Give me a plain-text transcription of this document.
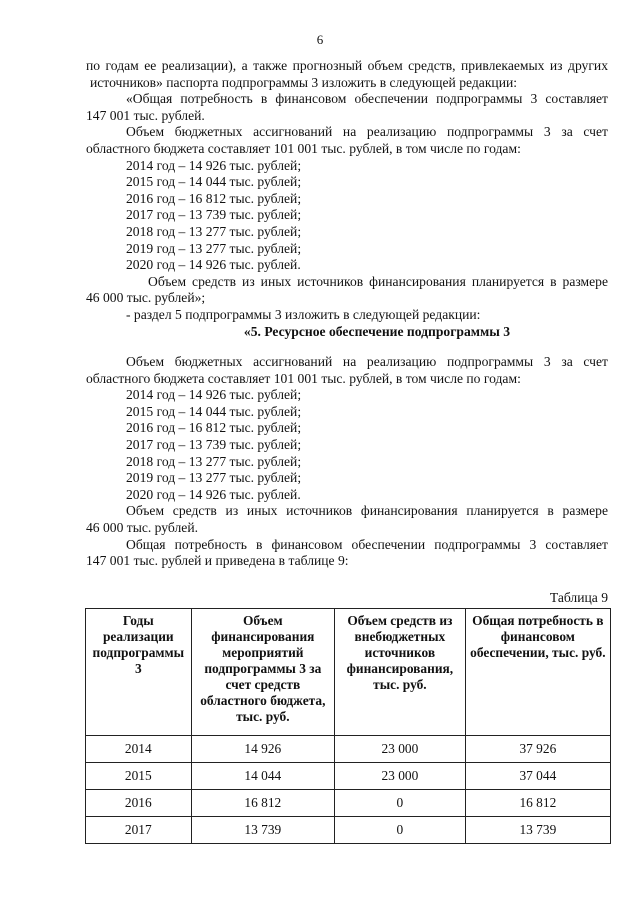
6

по годам ее реализации), а также прогнозный объем средств, привлекаемых из других

источников» паспорта подпрограммы 3 изложить в следующей редакции:

«Общая потребность в финансовом обеспечении подпрограммы 3 составляет

147 001 тыс. рублей.

Объем бюджетных ассигнований на реализацию подпрограммы 3 за счет

областного бюджета составляет 101 001 тыс. рублей, в том числе по годам:

2014 год – 14 926 тыс. рублей;
2015 год – 14 044 тыс. рублей;
2016 год – 16 812 тыс. рублей;
2017 год – 13 739 тыс. рублей;
2018 год – 13 277 тыс. рублей;
2019 год – 13 277 тыс. рублей;
2020 год – 14 926 тыс. рублей.

Объем средств из иных источников финансирования планируется в размере

46 000 тыс. рублей»;

- раздел 5 подпрограммы 3 изложить в следующей редакции:

«5. Ресурсное обеспечение подпрограммы 3

Объем бюджетных ассигнований на реализацию подпрограммы 3 за счет

областного бюджета составляет 101 001 тыс. рублей, в том числе по годам:

2014 год – 14 926 тыс. рублей;
2015 год – 14 044 тыс. рублей;
2016 год – 16 812 тыс. рублей;
2017 год – 13 739 тыс. рублей;
2018 год – 13 277 тыс. рублей;
2019 год – 13 277 тыс. рублей;
2020 год – 14 926 тыс. рублей.

Объем средств из иных источников финансирования планируется в размере

46 000 тыс. рублей.

Общая потребность в финансовом обеспечении подпрограммы 3 составляет

147 001 тыс. рублей и приведена в таблице 9:

Таблица 9
Годы реализации подпрограммы 3	Объем финансирования мероприятий подпрограммы 3 за счет средств областного бюджета, тыс. руб.	Объем средств из внебюджетных источников финансирования, тыс. руб.	Общая потребность в финансовом обеспечении, тыс. руб.
2014	14 926	23 000	37 926
2015	14 044	23 000	37 044
2016	16 812	0	16 812
2017	13 739	0	13 739
